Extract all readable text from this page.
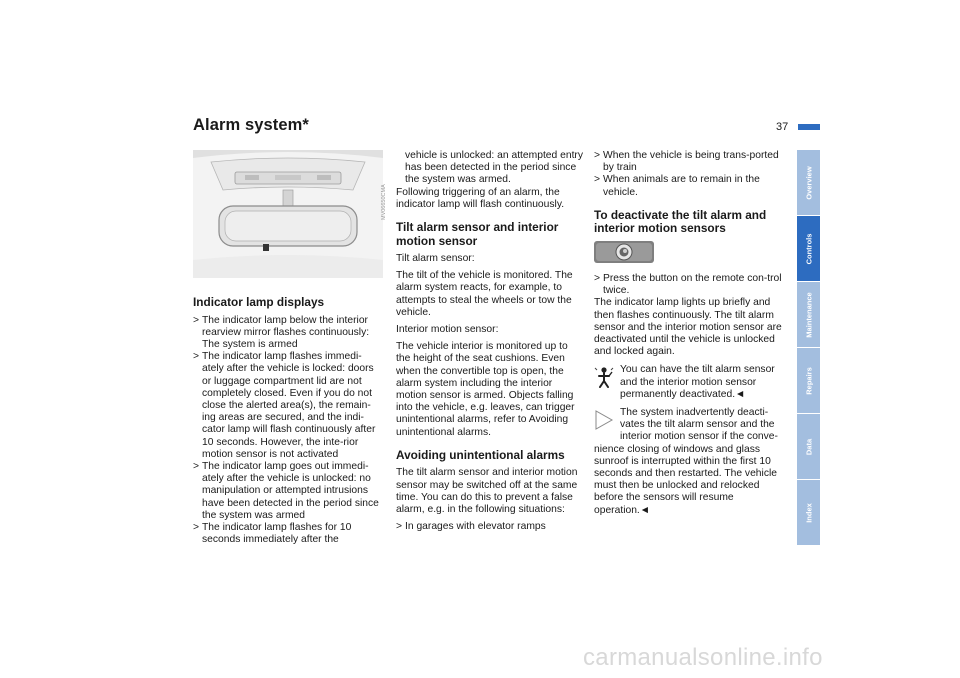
Alarm system*	37
MV06650CMA
Indicator lamp displays
> The indicator lamp below the interior rearview mirror flashes continuously: The system is armed
> The indicator lamp flashes immedi-ately after the vehicle is locked: doors or luggage compartment lid are not completely closed. Even if you do not close the alerted area(s), the remain-ing areas are secured, and the indi-cator lamp will flash continuously after 10 seconds. However, the inte-rior motion sensor is not activated
> The indicator lamp goes out immedi-ately after the vehicle is unlocked: no manipulation or attempted intrusions have been detected in the period since the system was armed
> The indicator lamp flashes for 10 seconds immediately after the
vehicle is unlocked: an attempted entry has been detected in the period since the system was armed.

Following triggering of an alarm, the indicator lamp will flash continuously.

Tilt alarm sensor and interior motion sensor

Tilt alarm sensor:

The tilt of the vehicle is monitored. The alarm system reacts, for example, to attempts to steal the wheels or tow the vehicle.

Interior motion sensor:

The vehicle interior is monitored up to the height of the seat cushions. Even when the convertible top is open, the alarm system including the interior motion sensor is armed. Objects falling into the vehicle, e.g. leaves, can trigger unintentional alarms, refer to Avoiding unintentional alarms.

Avoiding unintentional alarms

The tilt alarm sensor and interior motion sensor may be switched off at the same time. You can do this to prevent a false alarm, e.g. in the following situations:

> In garages with elevator ramps
> When the vehicle is being trans-ported by train
> When animals are to remain in the vehicle.
To deactivate the tilt alarm and interior motion sensors
> Press the button on the remote con-trol twice.

The indicator lamp lights up briefly and then flashes continuously. The tilt alarm sensor and the interior motion sensor are deactivated until the vehicle is unlocked and locked again.

You can have the tilt alarm sensor and the interior motion sensor permanently deactivated.◄

The system inadvertently deacti-vates the tilt alarm sensor and the interior motion sensor if the conve-nience closing of windows and glass sunroof is interrupted within the first 10 seconds and then restarted. The vehicle must then be unlocked and relocked before the sensors will resume operation.◄

Overview
Controls
Maintenance
Repairs
Data
Index
carmanualsonline.info
